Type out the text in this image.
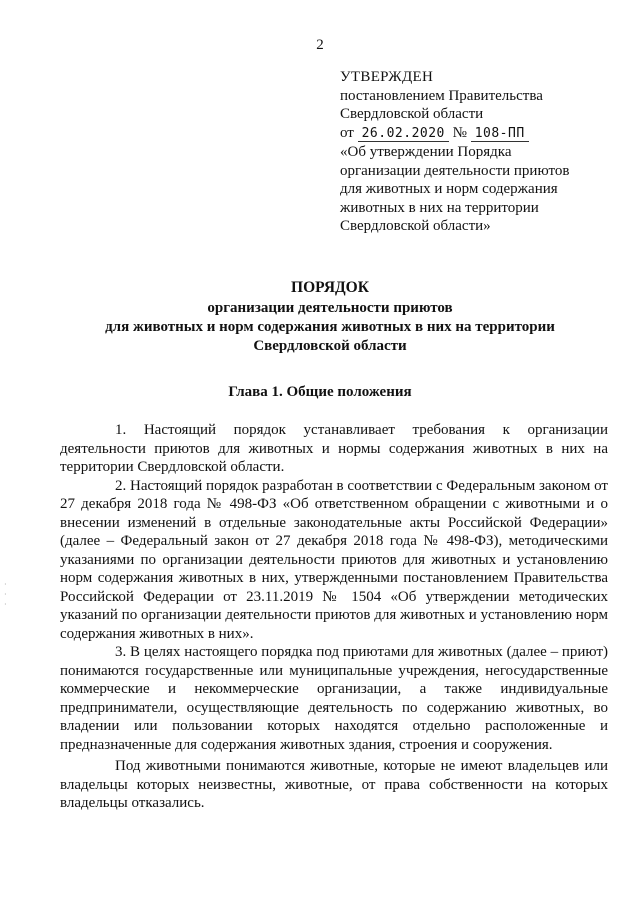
2
УТВЕРЖДЕН
постановлением Правительства
Свердловской области
от 26.02.2020 № 108-ПП
«Об утверждении Порядка
организации деятельности приютов
для животных и норм содержания
животных в них на территории
Свердловской области»
ПОРЯДОК
организации деятельности приютов
для животных и норм содержания животных в них на территории
Свердловской области
Глава 1. Общие положения

1. Настоящий порядок устанавливает требования к организации деятельности приютов для животных и нормы содержания животных в них на территории Свердловской области.

2. Настоящий порядок разработан в соответствии с Федеральным законом от 27 декабря 2018 года № 498-ФЗ «Об ответственном обращении с животными и о внесении изменений в отдельные законодательные акты Российской Федерации» (далее – Федеральный закон от 27 декабря 2018 года № 498-ФЗ), методическими указаниями по организации деятельности приютов для животных и установлению норм содержания животных в них, утвержденными постановлением Правительства Российской Федерации от 23.11.2019 № 1504 «Об утверждении методических указаний по организации деятельности приютов для животных и установлению норм содержания животных в них».

3. В целях настоящего порядка под приютами для животных (далее – приют) понимаются государственные или муниципальные учреждения, негосударственные коммерческие и некоммерческие организации, а также индивидуальные предприниматели, осуществляющие деятельность по содержанию животных, во владении или пользовании которых находятся отдельно расположенные и предназначенные для содержания животных здания, строения и сооружения.

Под животными понимаются животные, которые не имеют владельцев или владельцы которых неизвестны, животные, от права собственности на которых владельцы отказались.

·
·
·
